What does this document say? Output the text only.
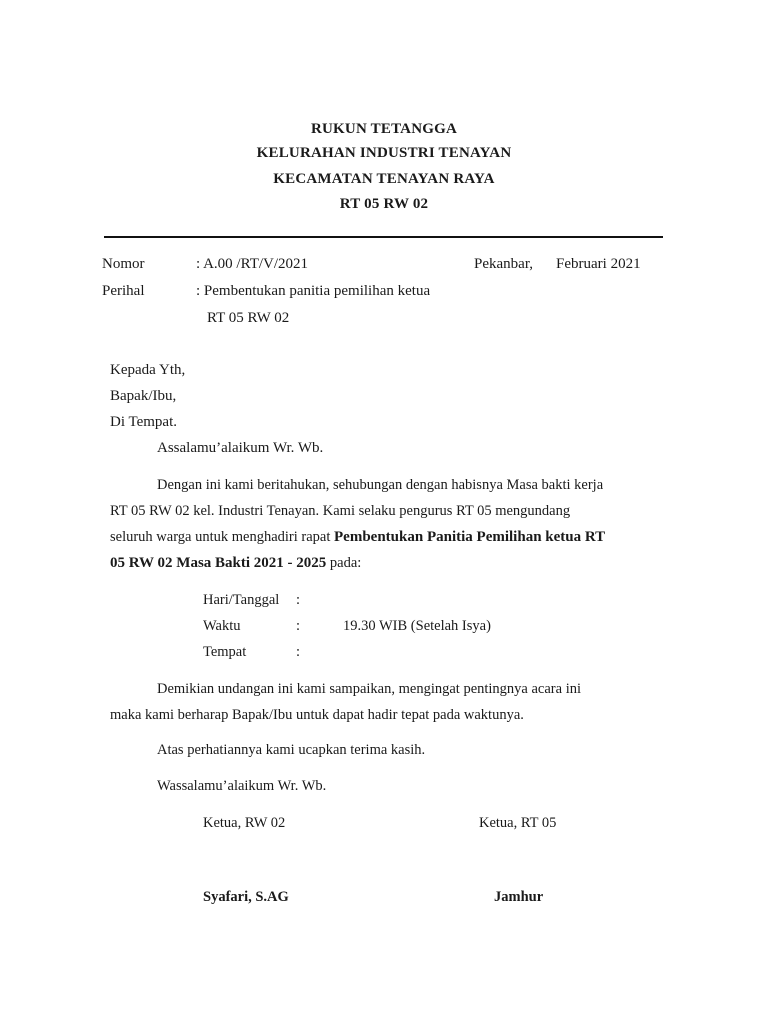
RUKUN TETANGGA
KELURAHAN INDUSTRI TENAYAN
KECAMATAN TENAYAN RAYA
RT 05 RW 02
Nomor	: A.00 /RT/V/2021	Pekanbar, Februari 2021
Perihal	: Pembentukan panitia pemilihan ketua
RT 05 RW 02
Kepada Yth,
Bapak/Ibu,
Di Tempat.
Assalamu’alaikum Wr. Wb.
Dengan ini kami beritahukan, sehubungan dengan habisnya Masa bakti kerja
RT 05 RW 02 kel. Industri Tenayan. Kami selaku pengurus RT 05 mengundang
seluruh warga untuk menghadiri rapat Pembentukan Panitia Pemilihan ketua RT
05 RW 02 Masa Bakti 2021 - 2025 pada:
Hari/Tanggal :
Waktu	:	19.30 WIB (Setelah Isya)
Tempat	:
Demikian undangan ini kami sampaikan, mengingat pentingnya acara ini
maka kami berharap Bapak/Ibu untuk dapat hadir tepat pada waktunya.
Atas perhatiannya kami ucapkan terima kasih.
Wassalamu’alaikum Wr. Wb.
Ketua, RW 02	Ketua, RT 05
Syafari, S.AG	Jamhur
